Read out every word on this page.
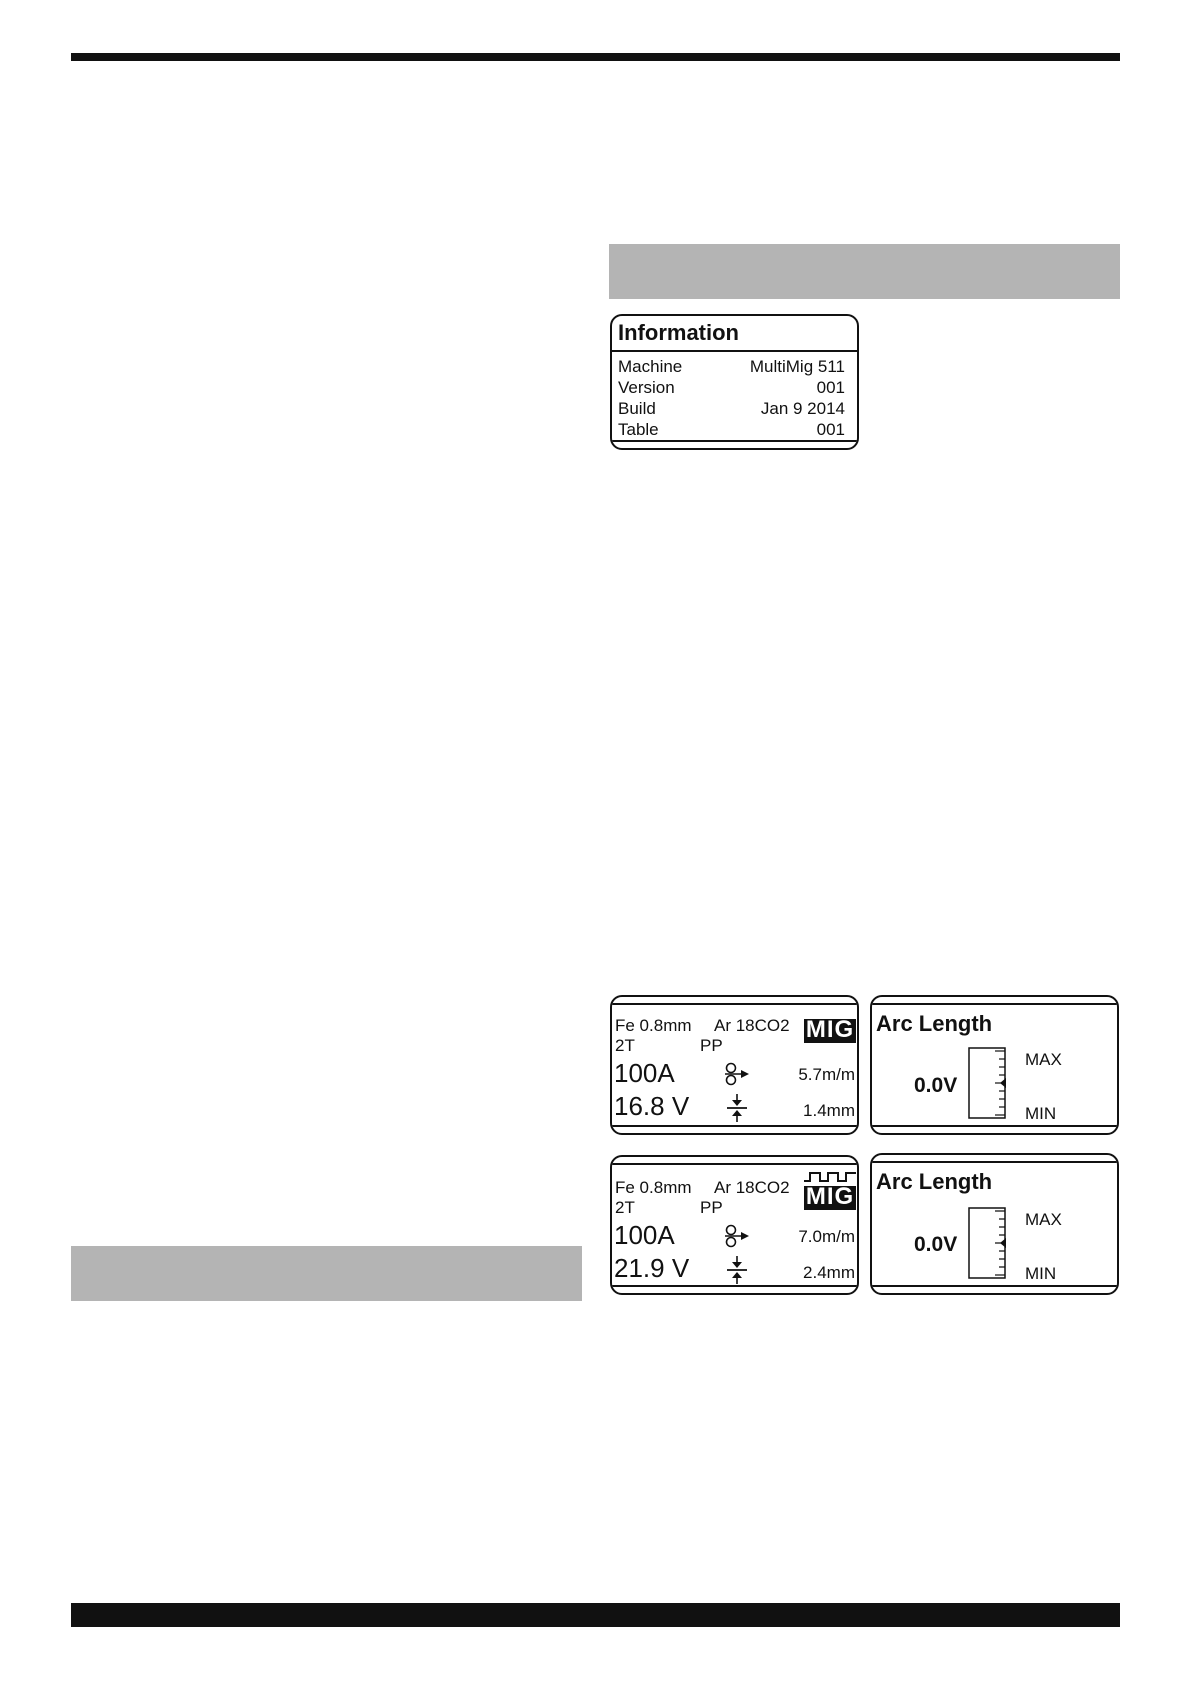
Information
Machine	MultiMig 511
Version	001
Build	Jan 9 2014
Table	001
Fe 0.8mm Ar 18CO2 MIG
2T	PP
100A	5.7m/m
16.8 V	1.4mm
Arc Length
0.0V
MAX
MIN
Fe 0.8mm Ar 18CO2 MIG
2T	PP
100A	7.0m/m
21.9 V	2.4mm
Arc Length
0.0V
MAX
MIN
